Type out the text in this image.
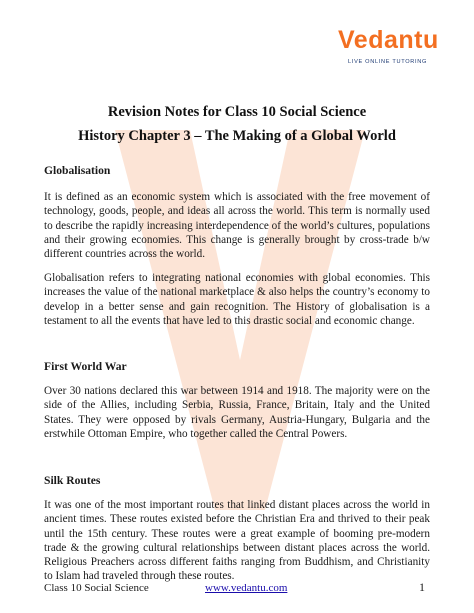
Vedantu
LIVE ONLINE TUTORING
Revision Notes for Class 10 Social Science
History Chapter 3 – The Making of a Global World

Globalisation

It is defined as an economic system which is associated with the free movement of technology, goods, people, and ideas all across the world. This term is normally used to describe the rapidly increasing interdependence of the world’s cultures, populations and their growing economies. This change is generally brought by cross-trade b/w different countries across the world.

Globalisation refers to integrating national economies with global economies. This increases the value of the national marketplace & also helps the country’s economy to develop in a better sense and gain recognition. The History of globalisation is a testament to all the events that have led to this drastic social and economic change.

First World War

Over 30 nations declared this war between 1914 and 1918. The majority were on the side of the Allies, including Serbia, Russia, France, Britain, Italy and the United States. They were opposed by rivals Germany, Austria-Hungary, Bulgaria and the erstwhile Ottoman Empire, who together called the Central Powers.

Silk Routes

It was one of the most important routes that linked distant places across the world in ancient times. These routes existed before the Christian Era and thrived to their peak until the 15th century. These routes were a great example of booming pre-modern trade & the growing cultural relationships between distant places across the world. Religious Preachers across different faiths ranging from Buddhism, and Christianity to Islam had traveled through these routes.

Class 10 Social Science	www.vedantu.com	1
